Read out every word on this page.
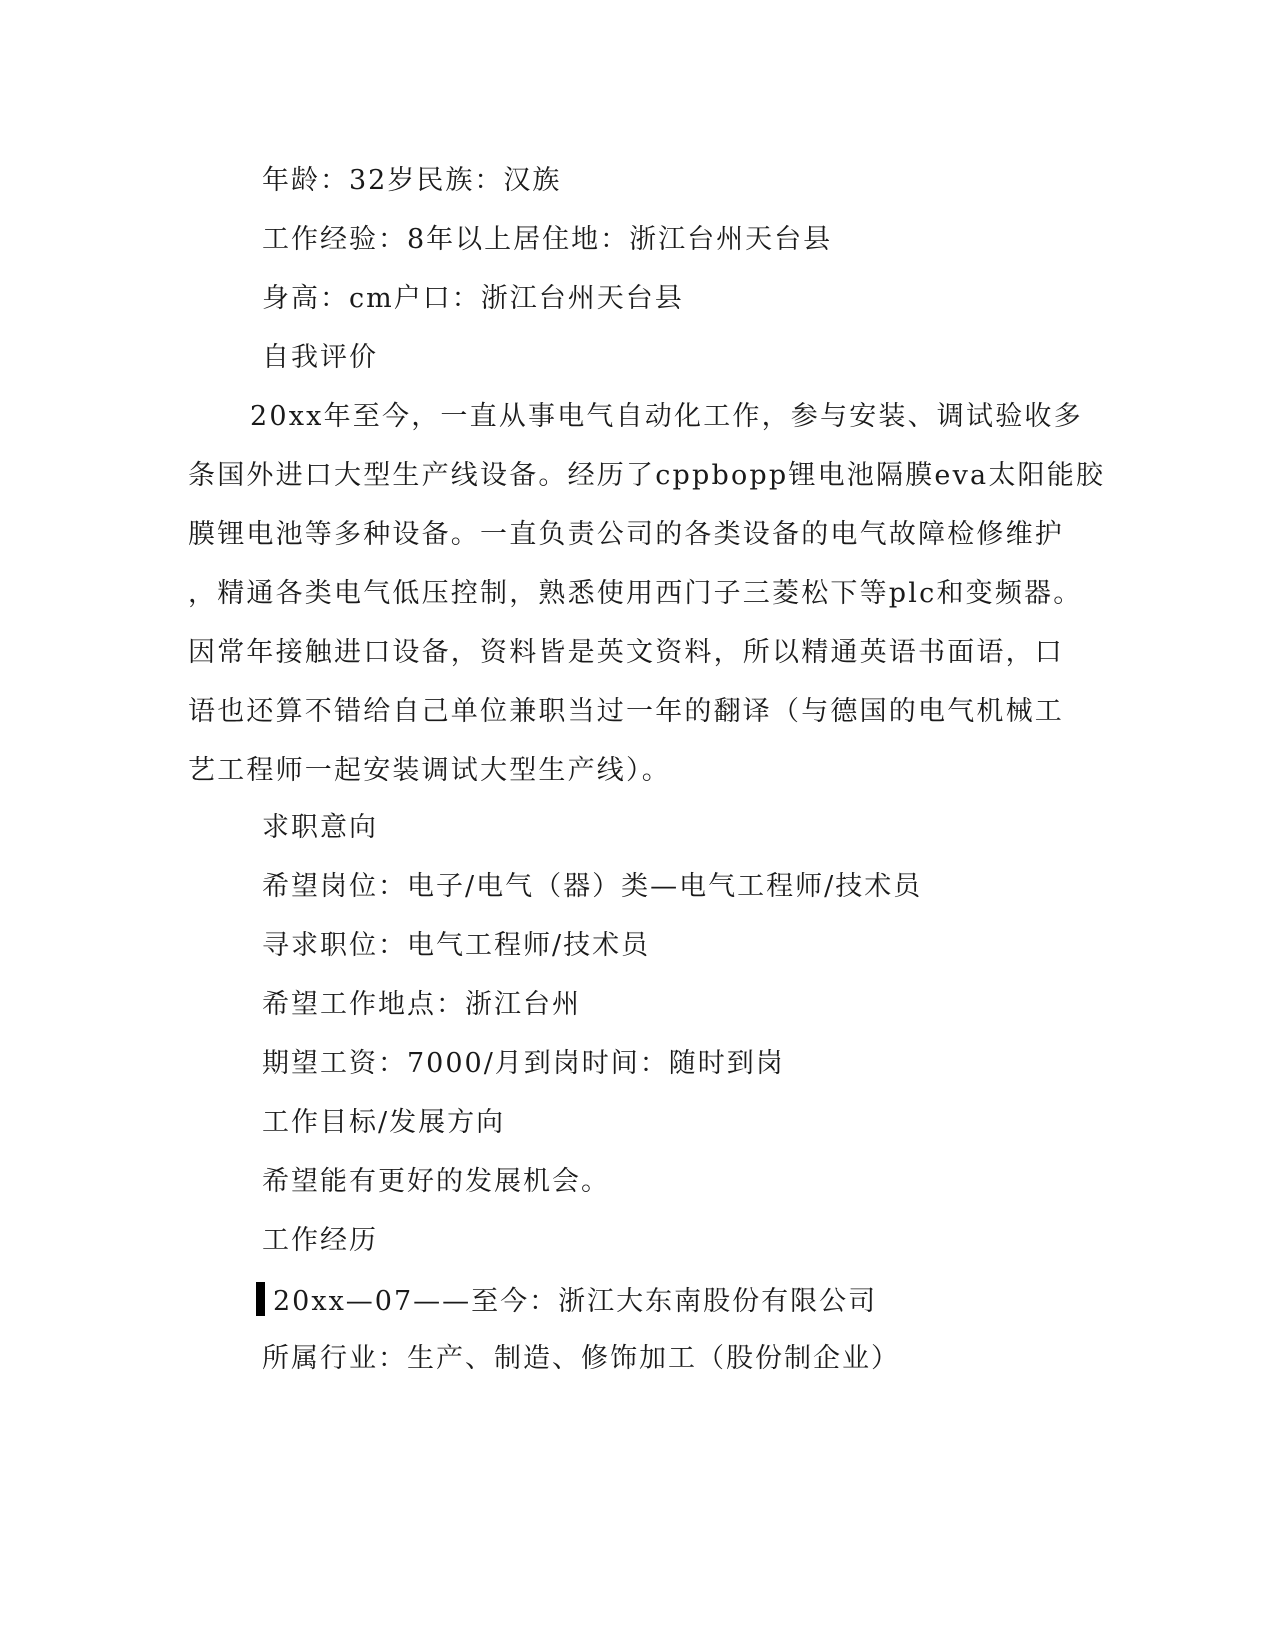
年龄：32岁民族：汉族
工作经验：8年以上居住地：浙江台州天台县
身高：cm户口：浙江台州天台县
自我评价
20xx年至今，一直从事电气自动化工作，参与安装、调试验收多
条国外进口大型生产线设备。经历了cppbopp锂电池隔膜eva太阳能胶
膜锂电池等多种设备。一直负责公司的各类设备的电气故障检修维护
，精通各类电气低压控制，熟悉使用西门子三菱松下等plc和变频器。
因常年接触进口设备，资料皆是英文资料，所以精通英语书面语，口
语也还算不错给自己单位兼职当过一年的翻译（与德国的电气机械工
艺工程师一起安装调试大型生产线）。
求职意向
希望岗位：电子/电气（器）类—电气工程师/技术员
寻求职位：电气工程师/技术员
希望工作地点：浙江台州
期望工资：7000/月到岗时间：随时到岗
工作目标/发展方向
希望能有更好的发展机会。
工作经历
20xx—07——至今：浙江大东南股份有限公司
所属行业：生产、制造、修饰加工（股份制企业）
